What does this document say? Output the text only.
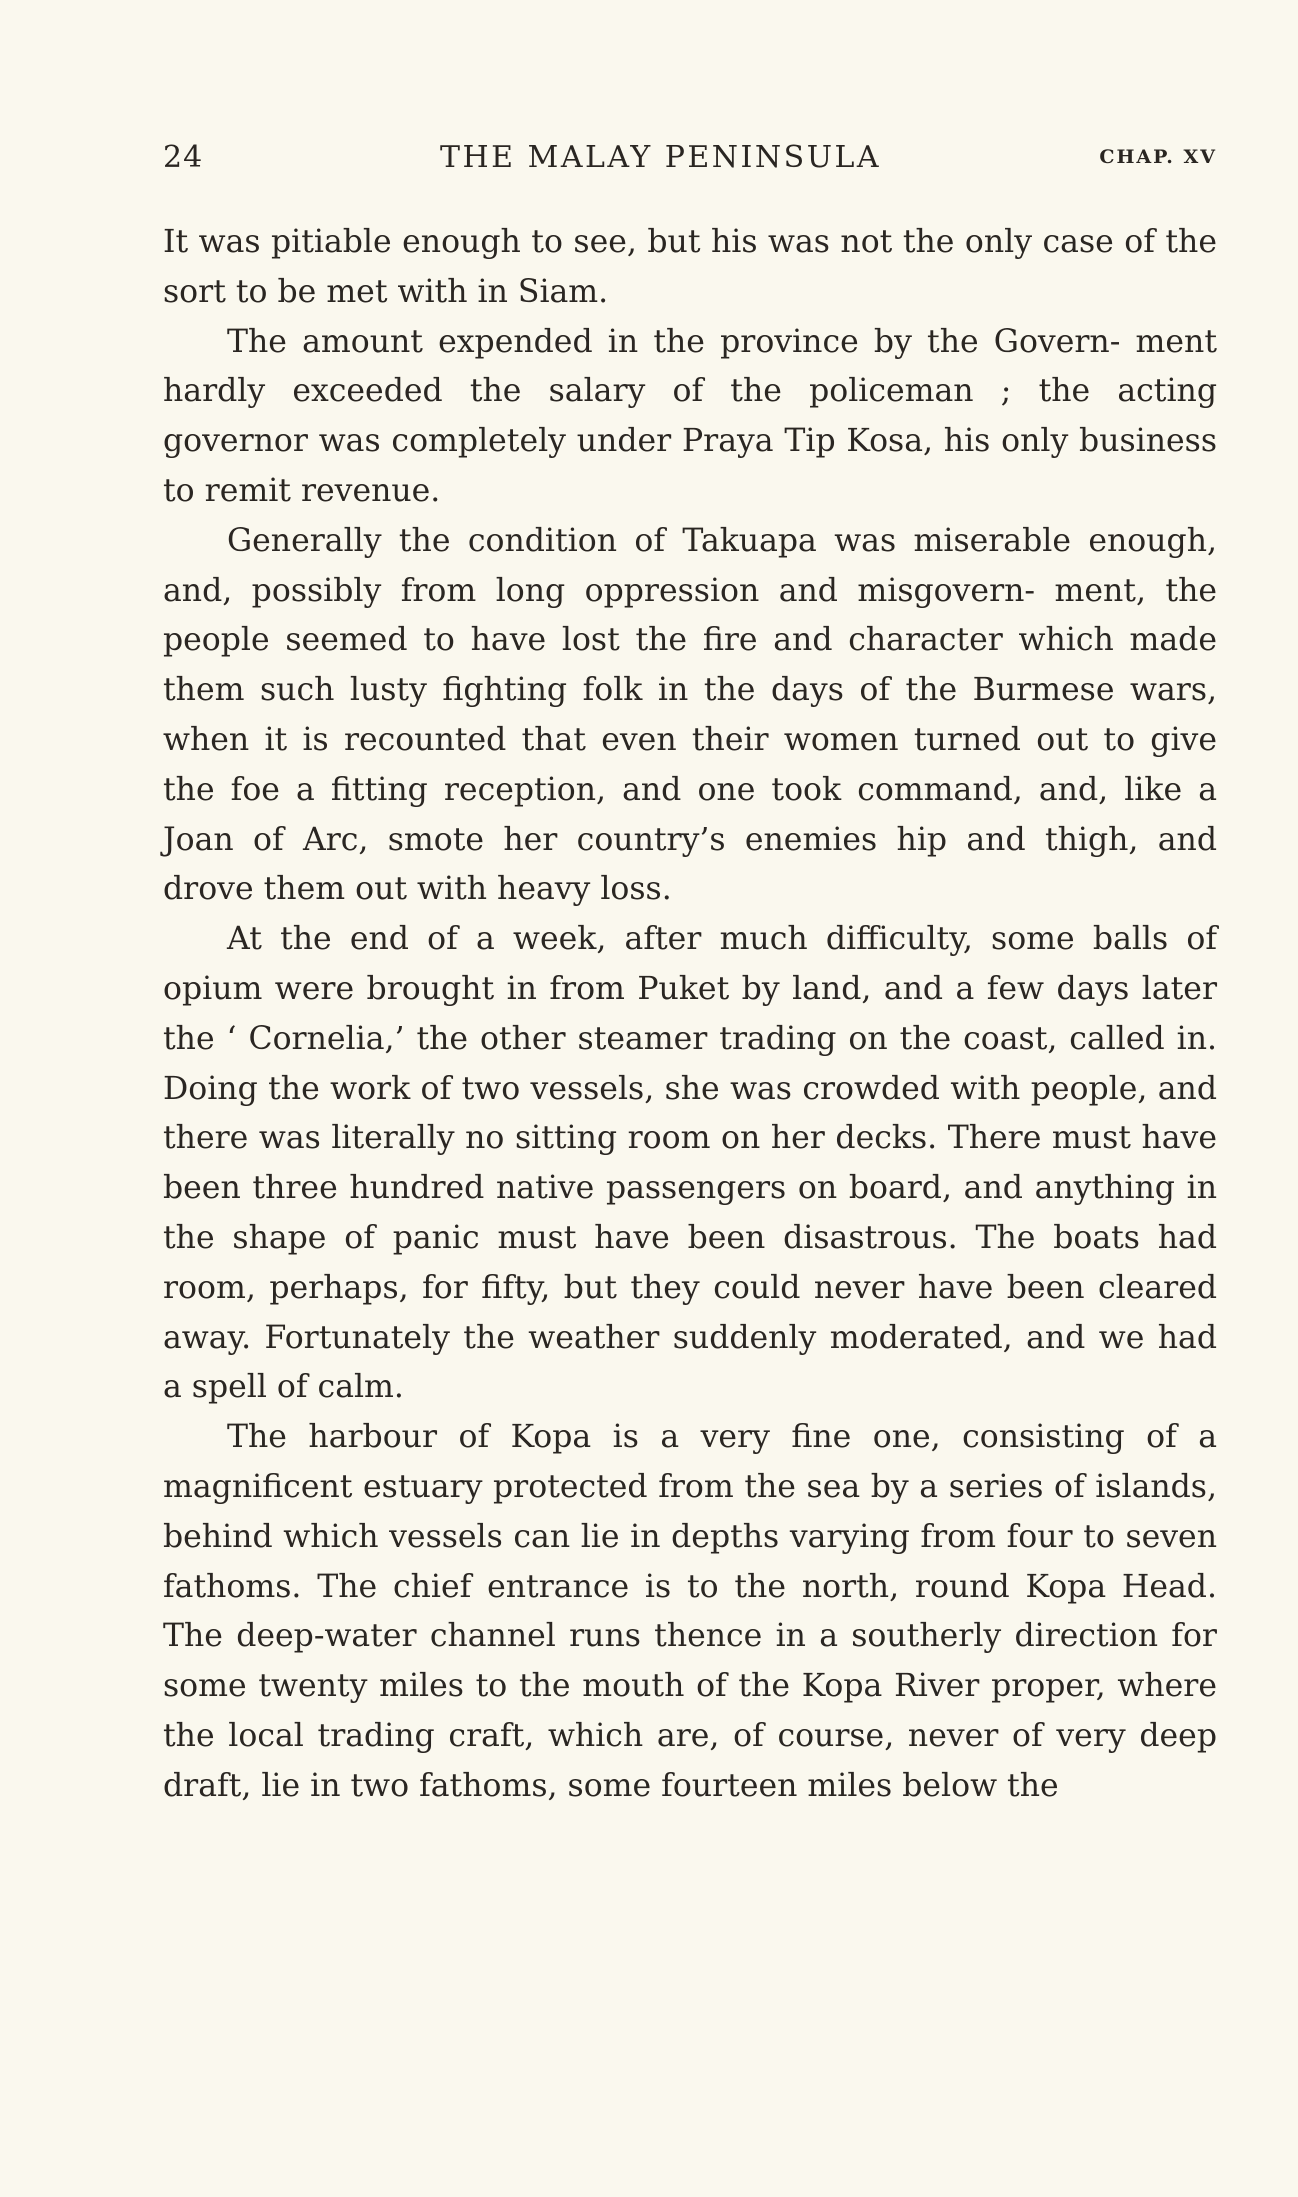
24	THE MALAY PENINSULA	CHAP. XV

It was pitiable enough to see, but his was not the only case of the sort to be met with in Siam.

The amount expended in the province by the Govern- ment hardly exceeded the salary of the policeman ; the acting governor was completely under Praya Tip Kosa, his only business to remit revenue.

Generally the condition of Takuapa was miserable enough, and, possibly from long oppression and misgovern- ment, the people seemed to have lost the fire and character which made them such lusty fighting folk in the days of the Burmese wars, when it is recounted that even their women turned out to give the foe a fitting reception, and one took command, and, like a Joan of Arc, smote her country’s enemies hip and thigh, and drove them out with heavy loss.

At the end of a week, after much difficulty, some balls of opium were brought in from Puket by land, and a few days later the ‘ Cornelia,’ the other steamer trading on the coast, called in. Doing the work of two vessels, she was crowded with people, and there was literally no sitting room on her decks. There must have been three hundred native passengers on board, and anything in the shape of panic must have been disastrous. The boats had room, perhaps, for fifty, but they could never have been cleared away. Fortunately the weather suddenly moderated, and we had a spell of calm.

The harbour of Kopa is a very fine one, consisting of a magnificent estuary protected from the sea by a series of islands, behind which vessels can lie in depths varying from four to seven fathoms. The chief entrance is to the north, round Kopa Head. The deep-water channel runs thence in a southerly direction for some twenty miles to the mouth of the Kopa River proper, where the local trading craft, which are, of course, never of very deep draft, lie in two fathoms, some fourteen miles below the
